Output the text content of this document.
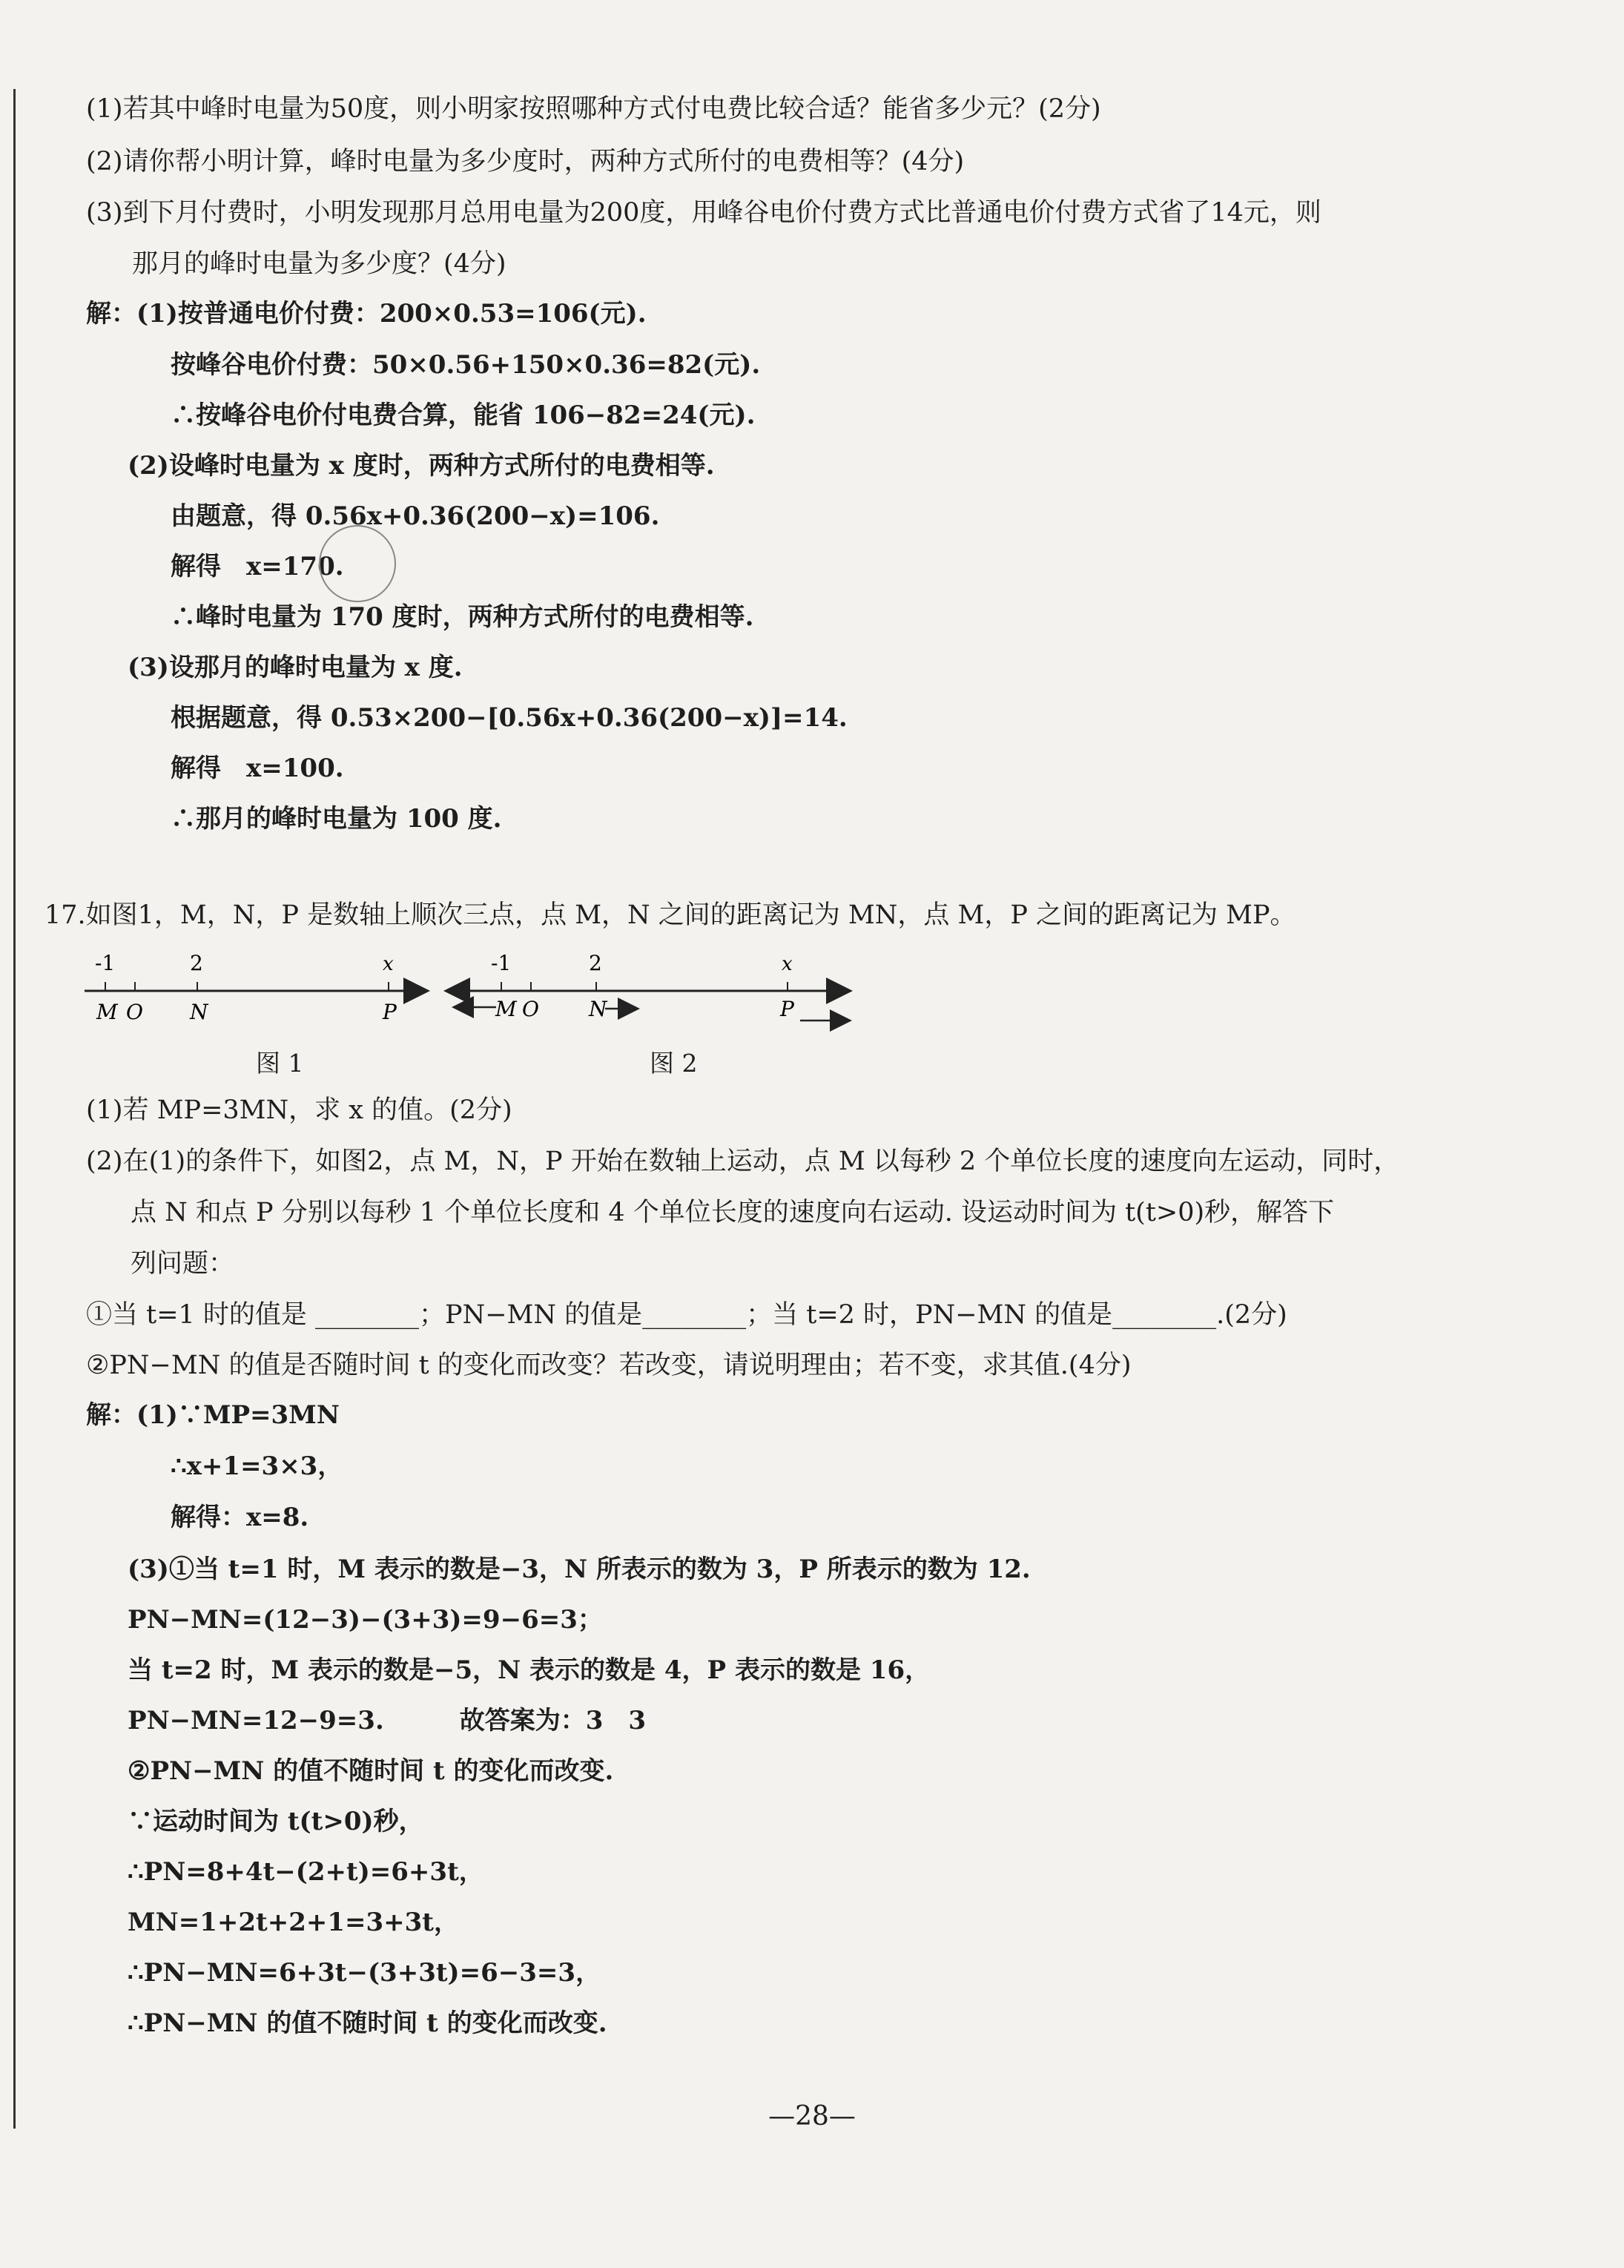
(1)若其中峰时电量为50度，则小明家按照哪种方式付电费比较合适？能省多少元？(2分)
(2)请你帮小明计算，峰时电量为多少度时，两种方式所付的电费相等？(4分)
(3)到下月付费时，小明发现那月总用电量为200度，用峰谷电价付费方式比普通电价付费方式省了14元，则
那月的峰时电量为多少度？(4分)
解：(1)按普通电价付费：200×0.53=106(元).
按峰谷电价付费：50×0.56+150×0.36=82(元).
∴按峰谷电价付电费合算，能省 106−82=24(元).
(2)设峰时电量为 x 度时，两种方式所付的电费相等.
由题意，得 0.56x+0.36(200−x)=106.
解得　x=170.
∴峰时电量为 170 度时，两种方式所付的电费相等.
(3)设那月的峰时电量为 x 度.
根据题意，得 0.53×200−[0.56x+0.36(200−x)]=14.
解得　x=100.
∴那月的峰时电量为 100 度.
17.如图1，M，N，P 是数轴上顺次三点，点 M，N 之间的距离记为 MN，点 M，P 之间的距离记为 MP。
-1	2	x
M O N	P
-1	2	x
M O N	P
图 1	图 2
(1)若 MP=3MN，求 x 的值。(2分)
(2)在(1)的条件下，如图2，点 M，N，P 开始在数轴上运动，点 M 以每秒 2 个单位长度的速度向左运动，同时，
点 N 和点 P 分别以每秒 1 个单位长度和 4 个单位长度的速度向右运动. 设运动时间为 t(t>0)秒，解答下
列问题：
①当 t=1 时的值是 ________；PN−MN 的值是________；当 t=2 时，PN−MN 的值是________.(2分)
②PN−MN 的值是否随时间 t 的变化而改变？若改变，请说明理由；若不变，求其值.(4分)
解：(1)∵MP=3MN
∴x+1=3×3，
解得：x=8.
(3)①当 t=1 时，M 表示的数是−3，N 所表示的数为 3，P 所表示的数为 12.
PN−MN=(12−3)−(3+3)=9−6=3；
当 t=2 时，M 表示的数是−5，N 表示的数是 4，P 表示的数是 16，
PN−MN=12−9=3.　　　故答案为：3　3
②PN−MN 的值不随时间 t 的变化而改变.
∵运动时间为 t(t>0)秒，
∴PN=8+4t−(2+t)=6+3t，
MN=1+2t+2+1=3+3t，
∴PN−MN=6+3t−(3+3t)=6−3=3，
∴PN−MN 的值不随时间 t 的变化而改变.
—28—
